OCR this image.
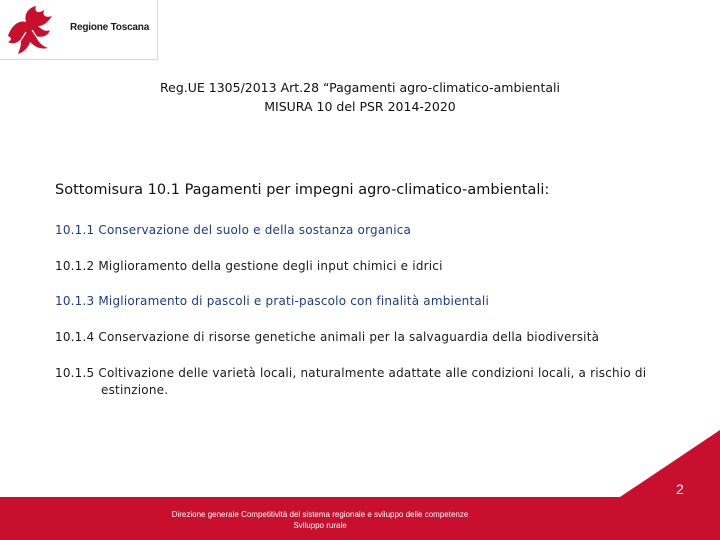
Regione Toscana
Reg.UE 1305/2013 Art.28 “Pagamenti agro-climatico-ambientali
MISURA 10 del PSR 2014-2020
Sottomisura 10.1 Pagamenti per impegni agro-climatico-ambientali:
10.1.1 Conservazione del suolo e della sostanza organica
10.1.2 Miglioramento della gestione degli input chimici e idrici
10.1.3 Miglioramento di pascoli e prati-pascolo con finalità ambientali
10.1.4 Conservazione di risorse genetiche animali per la salvaguardia della biodiversità
10.1.5 Coltivazione delle varietà locali, naturalmente adattate alle condizioni locali, a rischio di
estinzione.
Direzione generale Competitività del sistema regionale e sviluppo delle competenze
Sviluppo rurale
2
